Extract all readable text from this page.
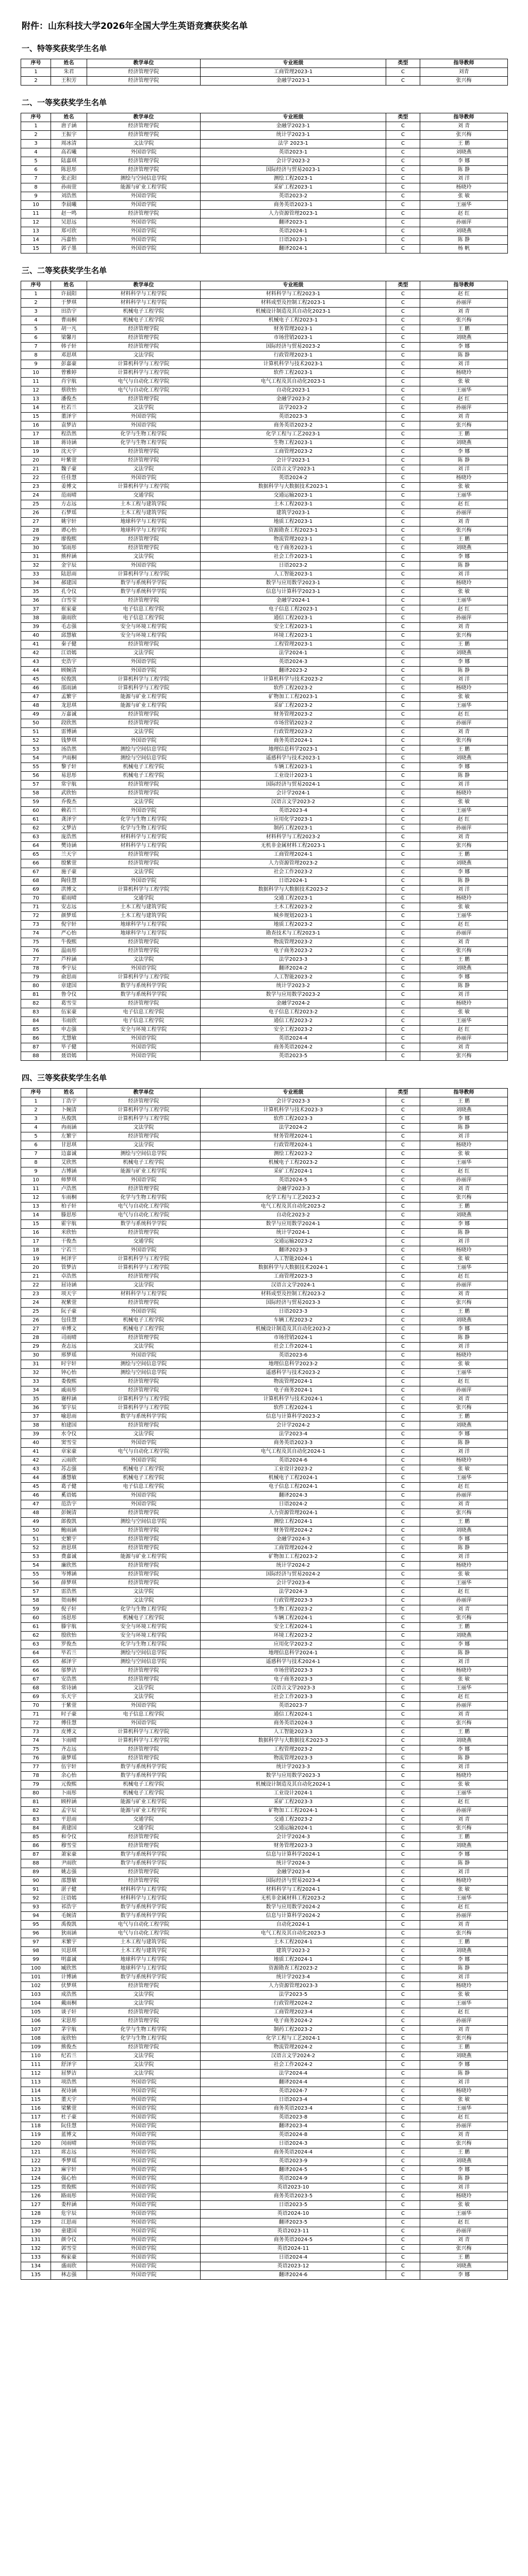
附件：山东科技大学2026年全国大学生英语竞赛获奖名单
一、特等奖获奖学生名单
序号	姓名	教学单位	专业班级	类型	指导教师
1	朱君	经济管理学院	工商管理2023-1	C	刘青
2	王积芳	经济管理学院	金融学2023-1	C	张兴梅
二、一等奖获奖学生名单
序号	姓名	教学单位	专业班级	类型	指导教师
1	唐子涵	经济管理学院	金融学2023-1	C	刘 青
2	王振宇	经济管理学院	统计学2023-1	C	张兴梅
3	周冰清	文法学院	法学 2023-1	C	王 鹏
4	高若曦	外国语学院	英语2023-1	C	刘晓燕
5	陆嘉琪	经济管理学院	会计学2023-2	C	李 娜
6	陈思彤	经济管理学院	国际经济与贸易2023-1	C	陈 静
7	张正阳	测绘与空间信息学院	测绘工程2023-1	C	刘 洋
8	孙雨萱	能源与矿业工程学院	采矿工程2023-1	C	杨晓玲
9	刘浩然	外国语学院	英语2023-2	C	张 敏
10	李晨曦	外国语学院	商务英语2023-1	C	王丽华
11	赵一鸣	经济管理学院	人力资源管理2023-1	C	赵 红
12	吴思远	外国语学院	翻译2023-1	C	孙丽萍
13	郑可欣	外国语学院	英语2024-1	C	刘晓燕
14	冯嘉怡	外国语学院	日语2023-1	C	陈 静
15	郭子墨	外国语学院	翻译2024-1	C	杨 帆
三、二等奖获奖学生名单
序号	姓名	教学单位	专业班级	类型	指导教师
1	许晨阳	材料科学与工程学院	材料科学与工程2023-1	C	赵 红
2	于梦琪	材料科学与工程学院	材料成型及控制工程2023-1	C	孙丽萍
3	田浩宇	机械电子工程学院	机械设计制造及其自动化2023-1	C	刘 青
4	曹雨桐	机械电子工程学院	机械电子工程2023-1	C	张兴梅
5	胡一凡	经济管理学院	财务管理2023-1	C	王 鹏
6	梁馨月	经济管理学院	市场营销2023-1	C	刘晓燕
7	韩子轩	经济管理学院	国际经济与贸易2023-2	C	李 娜
8	邓思琪	文法学院	行政管理2023-1	C	陈 静
9	彭嘉豪	计算机科学与工程学院	计算机科学与技术2023-1	C	刘 洋
10	曾雅婷	计算机科学与工程学院	软件工程2023-1	C	杨晓玲
11	肖宇航	电气与自动化工程学院	电气工程及其自动化2023-1	C	张 敏
12	蔡欣怡	电气与自动化工程学院	自动化2023-1	C	王丽华
13	潘俊杰	经济管理学院	金融学2023-2	C	赵 红
14	杜若兰	文法学院	法学2023-2	C	孙丽萍
15	董泽宇	外国语学院	英语2023-3	C	刘 青
16	袁梦洁	外国语学院	商务英语2023-2	C	张兴梅
17	程浩然	化学与生物工程学院	化学工程与工艺2023-1	C	王 鹏
18	蒋诗涵	化学与生物工程学院	生物工程2023-1	C	刘晓燕
19	沈天宇	经济管理学院	工商管理2023-2	C	李 娜
20	叶紫萱	经济管理学院	会计学2023-1	C	陈 静
21	魏子豪	文法学院	汉语言文学2023-1	C	刘 洋
22	任佳慧	外国语学院	英语2024-2	C	杨晓玲
23	姜博文	计算机科学与工程学院	数据科学与大数据技术2023-1	C	张 敏
24	范雨晴	交通学院	交通运输2023-1	C	王丽华
25	方志远	土木工程与建筑学院	土木工程2023-1	C	赵 红
26	石梦瑶	土木工程与建筑学院	建筑学2023-1	C	孙丽萍
27	姚宇轩	地球科学与工程学院	地质工程2023-1	C	刘 青
28	谭心怡	地球科学与工程学院	资源勘查工程2023-1	C	张兴梅
29	廖俊熙	经济管理学院	物流管理2023-1	C	王 鹏
30	邹雨彤	经济管理学院	电子商务2023-1	C	刘晓燕
31	熊梓涵	文法学院	社会工作2023-1	C	李 娜
32	金宇辰	外国语学院	日语2023-2	C	陈 静
33	陆思雨	计算机科学与工程学院	人工智能2023-1	C	刘 洋
34	郝建国	数学与系统科学学院	数学与应用数学2023-1	C	杨晓玲
35	孔令仪	数学与系统科学学院	信息与计算科学2023-1	C	张 敏
36	白雪莹	经济管理学院	金融学2024-1	C	王丽华
37	崔家豪	电子信息工程学院	电子信息工程2023-1	C	赵 红
38	康雨欣	电子信息工程学院	通信工程2023-1	C	孙丽萍
39	毛志强	安全与环境工程学院	安全工程2023-1	C	刘 青
40	邱慧敏	安全与环境工程学院	环境工程2023-1	C	张兴梅
41	秦子健	经济管理学院	工程管理2023-1	C	王 鹏
42	江语嫣	文法学院	法学2024-1	C	刘晓燕
43	史浩宇	外国语学院	英语2024-3	C	李 娜
44	顾婉清	外国语学院	翻译2023-2	C	陈 静
45	侯俊凯	计算机科学与工程学院	计算机科学与技术2023-2	C	刘 洋
46	邵雨涵	计算机科学与工程学院	软件工程2023-2	C	杨晓玲
47	孟繁宇	能源与矿业工程学院	矿物加工工程2023-1	C	张 敏
48	龙思琪	能源与矿业工程学院	采矿工程2023-2	C	王丽华
49	万嘉诚	经济管理学院	财务管理2023-2	C	赵 红
50	段欣然	经济管理学院	市场营销2023-2	C	孙丽萍
51	雷博涵	文法学院	行政管理2023-2	C	刘 青
52	钱梦琪	外国语学院	商务英语2024-1	C	张兴梅
53	汤浩然	测绘与空间信息学院	地理信息科学2023-1	C	王 鹏
54	尹雨桐	测绘与空间信息学院	遥感科学与技术2023-1	C	刘晓燕
55	黎子轩	机械电子工程学院	车辆工程2023-1	C	李 娜
56	易思彤	机械电子工程学院	工业设计2023-1	C	陈 静
57	常宇航	经济管理学院	国际经济与贸易2024-1	C	刘 洋
58	武欣怡	经济管理学院	会计学2024-1	C	杨晓玲
59	乔俊杰	文法学院	汉语言文学2023-2	C	张 敏
60	赖若兰	外国语学院	英语2023-4	C	王丽华
61	龚泽宇	化学与生物工程学院	应用化学2023-1	C	赵 红
62	文梦洁	化学与生物工程学院	制药工程2023-1	C	孙丽萍
63	庞浩然	材料科学与工程学院	材料科学与工程2023-2	C	刘 青
64	樊诗涵	材料科学与工程学院	无机非金属材料工程2023-1	C	张兴梅
65	兰天宇	经济管理学院	工商管理2024-1	C	王 鹏
66	殷紫萱	经济管理学院	人力资源管理2023-2	C	刘晓燕
67	施子豪	文法学院	社会工作2023-2	C	李 娜
68	陶佳慧	外国语学院	日语2024-1	C	陈 静
69	洪博文	计算机科学与工程学院	数据科学与大数据技术2023-2	C	刘 洋
70	翟雨晴	交通学院	交通工程2023-1	C	杨晓玲
71	安志远	土木工程与建筑学院	土木工程2023-2	C	张 敏
72	颜梦瑶	土木工程与建筑学院	城乡规划2023-1	C	王丽华
73	倪宇轩	地球科学与工程学院	地质工程2023-2	C	赵 红
74	严心怡	地球科学与工程学院	勘查技术与工程2023-1	C	孙丽萍
75	牛俊熙	经济管理学院	物流管理2023-2	C	刘 青
76	温雨彤	经济管理学院	电子商务2023-2	C	张兴梅
77	芦梓涵	文法学院	法学2023-3	C	王 鹏
78	季宇辰	外国语学院	翻译2024-2	C	刘晓燕
79	俞思雨	计算机科学与工程学院	人工智能2023-2	C	李 娜
80	章建国	数学与系统科学学院	统计学2023-2	C	陈 静
81	鲁令仪	数学与系统科学学院	数学与应用数学2023-2	C	刘 洋
82	葛雪莹	经济管理学院	金融学2024-2	C	杨晓玲
83	伍家豪	电子信息工程学院	电子信息工程2023-2	C	张 敏
84	韦雨欣	电子信息工程学院	通信工程2023-2	C	王丽华
85	申志强	安全与环境工程学院	安全工程2023-2	C	赵 红
86	尤慧敏	外国语学院	英语2024-4	C	孙丽萍
87	毕子健	外国语学院	商务英语2024-2	C	刘 青
88	聂语嫣	外国语学院	英语2023-5	C	张兴梅
四、三等奖获奖学生名单
序号	姓名	教学单位	专业班级	类型	指导教师
1	丁浩宇	经济管理学院	会计学2023-3	C	王 鹏
2	卜婉清	计算机科学与工程学院	计算机科学与技术2023-3	C	刘晓燕
3	丛俊凯	计算机科学与工程学院	软件工程2023-3	C	李 娜
4	冉雨涵	文法学院	法学2024-2	C	陈 静
5	左繁宇	经济管理学院	财务管理2024-1	C	刘 洋
6	甘思琪	文法学院	行政管理2024-1	C	杨晓玲
7	边嘉诚	测绘与空间信息学院	测绘工程2023-2	C	张 敏
8	艾欣然	机械电子工程学院	机械电子工程2023-2	C	王丽华
9	古博涵	能源与矿业工程学院	采矿工程2024-1	C	赵 红
10	师梦琪	外国语学院	英语2024-5	C	孙丽萍
11	卢浩然	经济管理学院	金融学2023-3	C	刘 青
12	车雨桐	化学与生物工程学院	化学工程与工艺2023-2	C	张兴梅
13	柏子轩	电气与自动化工程学院	电气工程及其自动化2023-2	C	王 鹏
14	滕思彤	电气与自动化工程学院	自动化2023-2	C	刘晓燕
15	霍宇航	数学与系统科学学院	数学与应用数学2024-1	C	李 娜
16	米欣怡	经济管理学院	统计学2024-1	C	陈 静
17	干俊杰	交通学院	交通运输2023-2	C	刘 洋
18	宁若兰	外国语学院	翻译2023-3	C	杨晓玲
19	柯泽宇	计算机科学与工程学院	人工智能2024-1	C	张 敏
20	管梦洁	计算机科学与工程学院	数据科学与大数据技术2024-1	C	王丽华
21	卓浩然	经济管理学院	工商管理2023-3	C	赵 红
22	屈诗涵	文法学院	汉语言文学2024-1	C	孙丽萍
23	项天宇	材料科学与工程学院	材料成型及控制工程2023-2	C	刘 青
24	祝紫萱	经济管理学院	国际经济与贸易2023-3	C	张兴梅
25	阮子豪	外国语学院	日语2023-3	C	王 鹏
26	包佳慧	机械电子工程学院	车辆工程2023-2	C	刘晓燕
27	单博文	机械电子工程学院	机械设计制造及其自动化2023-2	C	李 娜
28	司雨晴	经济管理学院	市场营销2024-1	C	陈 静
29	查志远	文法学院	社会工作2024-1	C	刘 洋
30	邢梦瑶	外国语学院	英语2023-6	C	杨晓玲
31	时宇轩	测绘与空间信息学院	地理信息科学2023-2	C	张 敏
32	钟心怡	测绘与空间信息学院	遥感科学与技术2023-2	C	王丽华
33	娄俊熙	经济管理学院	物流管理2024-1	C	赵 红
34	戚雨彤	经济管理学院	电子商务2024-1	C	孙丽萍
35	谢梓涵	计算机科学与工程学院	计算机科学与技术2024-1	C	刘 青
36	邹宇辰	计算机科学与工程学院	软件工程2024-1	C	张兴梅
37	喻思雨	数学与系统科学学院	信息与计算科学2023-2	C	王 鹏
38	柏建国	经济管理学院	会计学2024-2	C	刘晓燕
39	水令仪	文法学院	法学2023-4	C	李 娜
40	窦雪莹	外国语学院	商务英语2023-3	C	陈 静
41	章家豪	电气与自动化工程学院	电气工程及其自动化2024-1	C	刘 洋
42	云雨欣	外国语学院	英语2024-6	C	杨晓玲
43	苏志强	机械电子工程学院	工业设计2023-2	C	张 敏
44	潘慧敏	机械电子工程学院	机械电子工程2024-1	C	王丽华
45	葛子健	电子信息工程学院	电子信息工程2024-1	C	赵 红
46	奚语嫣	外国语学院	翻译2024-3	C	孙丽萍
47	范浩宇	外国语学院	日语2024-2	C	刘 青
48	彭婉清	经济管理学院	人力资源管理2024-1	C	张兴梅
49	郎俊凯	测绘与空间信息学院	测绘工程2024-1	C	王 鹏
50	鲍雨涵	经济管理学院	财务管理2024-2	C	刘晓燕
51	史繁宇	经济管理学院	金融学2024-3	C	李 娜
52	唐思琪	经济管理学院	工商管理2024-2	C	陈 静
53	费嘉诚	能源与矿业工程学院	矿物加工工程2023-2	C	刘 洋
54	廉欣然	经济管理学院	统计学2024-2	C	杨晓玲
55	岑博涵	经济管理学院	国际经济与贸易2024-2	C	张 敏
56	薛梦琪	经济管理学院	会计学2023-4	C	王丽华
57	雷浩然	文法学院	法学2024-3	C	赵 红
58	贺雨桐	文法学院	行政管理2023-3	C	孙丽萍
59	倪子轩	化学与生物工程学院	生物工程2023-2	C	刘 青
60	汤思彤	机械电子工程学院	车辆工程2024-1	C	张兴梅
61	滕宇航	安全与环境工程学院	安全工程2024-1	C	王 鹏
62	殷欣怡	安全与环境工程学院	环境工程2023-2	C	刘晓燕
63	罗俊杰	化学与生物工程学院	应用化学2023-2	C	李 娜
64	毕若兰	测绘与空间信息学院	地理信息科学2024-1	C	陈 静
65	郝泽宇	测绘与空间信息学院	遥感科学与技术2024-1	C	刘 洋
66	邬梦洁	经济管理学院	市场营销2023-3	C	杨晓玲
67	安浩然	经济管理学院	电子商务2023-3	C	张 敏
68	常诗涵	文法学院	汉语言文学2023-3	C	王丽华
69	乐天宇	文法学院	社会工作2023-3	C	赵 红
70	于紫萱	外国语学院	英语2023-7	C	孙丽萍
71	时子豪	电子信息工程学院	通信工程2024-1	C	刘 青
72	傅佳慧	外国语学院	商务英语2024-3	C	张兴梅
73	皮博文	计算机科学与工程学院	人工智能2023-3	C	王 鹏
74	卞雨晴	计算机科学与工程学院	数据科学与大数据技术2023-3	C	刘晓燕
75	齐志远	经济管理学院	工程管理2023-2	C	李 娜
76	康梦瑶	经济管理学院	物流管理2023-3	C	陈 静
77	伍宇轩	数学与系统科学学院	统计学2023-3	C	刘 洋
78	余心怡	数学与系统科学学院	数学与应用数学2023-3	C	杨晓玲
79	元俊熙	机械电子工程学院	机械设计制造及其自动化2024-1	C	张 敏
80	卜雨彤	机械电子工程学院	工业设计2024-1	C	王丽华
81	顾梓涵	能源与矿业工程学院	采矿工程2023-3	C	赵 红
82	孟宇辰	能源与矿业工程学院	矿物加工工程2024-1	C	孙丽萍
83	平思雨	交通学院	交通工程2023-2	C	刘 青
84	黄建国	交通学院	交通运输2024-1	C	张兴梅
85	和令仪	经济管理学院	会计学2024-3	C	王 鹏
86	穆雪莹	经济管理学院	财务管理2023-3	C	刘晓燕
87	萧家豪	数学与系统科学学院	信息与计算科学2024-1	C	李 娜
88	尹雨欣	数学与系统科学学院	统计学2024-3	C	陈 静
89	姚志强	经济管理学院	金融学2023-4	C	刘 洋
90	邵慧敏	经济管理学院	国际经济与贸易2023-4	C	杨晓玲
91	湛子健	材料科学与工程学院	材料科学与工程2024-1	C	张 敏
92	汪语嫣	材料科学与工程学院	无机非金属材料工程2023-2	C	王丽华
93	祁浩宇	数学与系统科学学院	数学与应用数学2024-2	C	赵 红
94	毛婉清	数学与系统科学学院	信息与计算科学2024-2	C	孙丽萍
95	禹俊凯	电气与自动化工程学院	自动化2024-1	C	刘 青
96	狄雨涵	电气与自动化工程学院	电气工程及其自动化2023-3	C	张兴梅
97	米繁宇	土木工程与建筑学院	土木工程2024-1	C	王 鹏
98	贝思琪	土木工程与建筑学院	建筑学2023-2	C	刘晓燕
99	明嘉诚	地球科学与工程学院	地质工程2024-1	C	李 娜
100	臧欣然	地球科学与工程学院	资源勘查工程2023-2	C	陈 静
101	计博涵	数学与系统科学学院	统计学2023-4	C	刘 洋
102	伏梦琪	经济管理学院	人力资源管理2023-3	C	杨晓玲
103	成浩然	文法学院	法学2023-5	C	张 敏
104	戴雨桐	文法学院	行政管理2024-2	C	王丽华
105	谈子轩	经济管理学院	工商管理2023-4	C	赵 红
106	宋思彤	经济管理学院	电子商务2024-2	C	孙丽萍
107	茅宇航	化学与生物工程学院	制药工程2023-2	C	刘 青
108	庞欣怡	化学与生物工程学院	化学工程与工艺2024-1	C	张兴梅
109	熊俊杰	经济管理学院	物流管理2024-2	C	王 鹏
110	纪若兰	文法学院	汉语言文学2024-2	C	刘晓燕
111	舒泽宇	文法学院	社会工作2024-2	C	李 娜
112	屈梦洁	文法学院	法学2024-4	C	陈 静
113	项浩然	外国语学院	翻译2024-4	C	刘 洋
114	祝诗涵	外国语学院	英语2024-7	C	杨晓玲
115	董天宇	外国语学院	日语2023-4	C	张 敏
116	梁紫萱	外国语学院	商务英语2023-4	C	王丽华
117	杜子豪	外国语学院	英语2023-8	C	赵 红
118	阮佳慧	外国语学院	翻译2023-4	C	孙丽萍
119	蓝博文	外国语学院	英语2024-8	C	刘 青
120	闵雨晴	外国语学院	日语2024-3	C	张兴梅
121	席志远	外国语学院	商务英语2024-4	C	王 鹏
122	季梦瑶	外国语学院	英语2023-9	C	刘晓燕
123	麻宇轩	外国语学院	翻译2024-5	C	李 娜
124	强心怡	外国语学院	英语2024-9	C	陈 静
125	贾俊熙	外国语学院	英语2023-10	C	刘 洋
126	路雨彤	外国语学院	商务英语2023-5	C	杨晓玲
127	娄梓涵	外国语学院	日语2023-5	C	张 敏
128	危宇辰	外国语学院	英语2024-10	C	王丽华
129	江思雨	外国语学院	翻译2023-5	C	赵 红
130	童建国	外国语学院	英语2023-11	C	孙丽萍
131	颜令仪	外国语学院	商务英语2024-5	C	刘 青
132	郭雪莹	外国语学院	英语2024-11	C	张兴梅
133	梅家豪	外国语学院	日语2024-4	C	王 鹏
134	盛雨欣	外国语学院	英语2023-12	C	刘晓燕
135	林志强	外国语学院	翻译2024-6	C	李 娜
